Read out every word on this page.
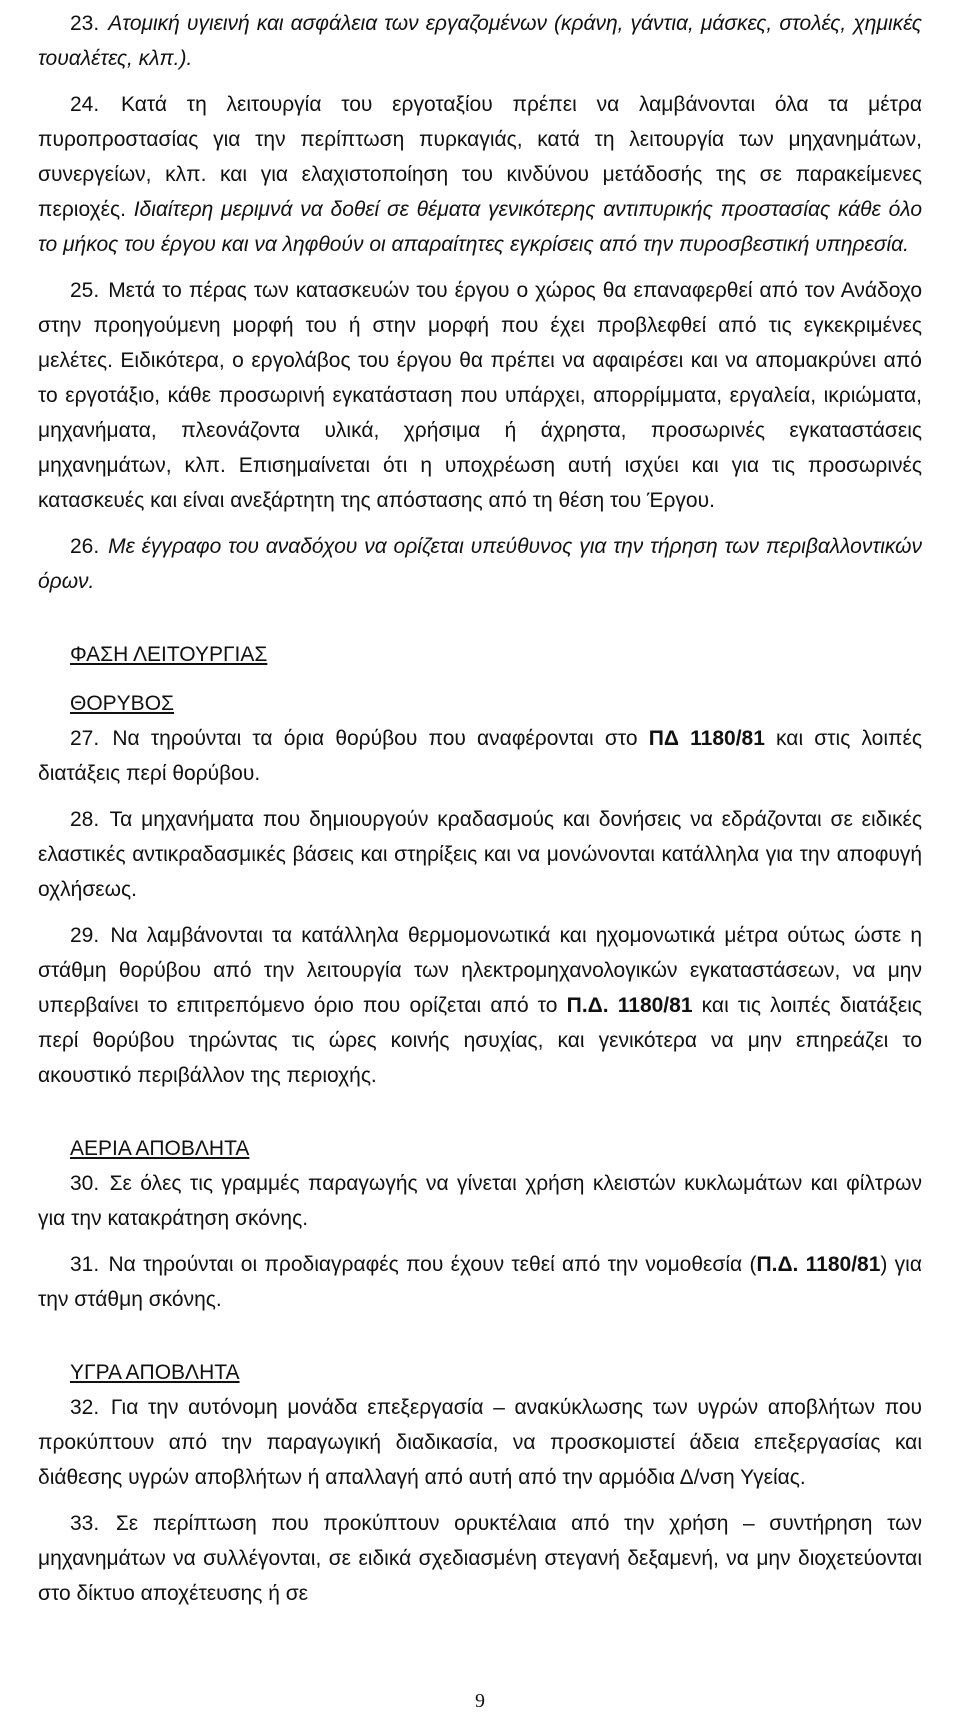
23. Ατομική υγιεινή και ασφάλεια των εργαζομένων (κράνη, γάντια, μάσκες, στολές, χημικές τουαλέτες, κλπ.).

24. Κατά τη λειτουργία του εργοταξίου πρέπει να λαμβάνονται όλα τα μέτρα πυροπροστασίας για την περίπτωση πυρκαγιάς, κατά τη λειτουργία των μηχανημάτων, συνεργείων, κλπ. και για ελαχιστοποίηση του κινδύνου μετάδοσής της σε παρακείμενες περιοχές. Ιδιαίτερη μεριμνά να δοθεί σε θέματα γενικότερης αντιπυρικής προστασίας κάθε όλο το μήκος του έργου και να ληφθούν οι απαραίτητες εγκρίσεις από την πυροσβεστική υπηρεσία.

25. Μετά το πέρας των κατασκευών του έργου ο χώρος θα επαναφερθεί από τον Ανάδοχο στην προηγούμενη μορφή του ή στην μορφή που έχει προβλεφθεί από τις εγκεκριμένες μελέτες. Ειδικότερα, ο εργολάβος του έργου θα πρέπει να αφαιρέσει και να απομακρύνει από το εργοτάξιο, κάθε προσωρινή εγκατάσταση που υπάρχει, απορρίμματα, εργαλεία, ικριώματα, μηχανήματα, πλεονάζοντα υλικά, χρήσιμα ή άχρηστα, προσωρινές εγκαταστάσεις μηχανημάτων, κλπ. Επισημαίνεται ότι η υποχρέωση αυτή ισχύει και για τις προσωρινές κατασκευές και είναι ανεξάρτητη της απόστασης από τη θέση του Έργου.

26. Με έγγραφο του αναδόχου να ορίζεται υπεύθυνος για την τήρηση των περιβαλλοντικών όρων.

ΦΑΣΗ ΛΕΙΤΟΥΡΓΙΑΣ
ΘΟΡΥΒΟΣ

27. Να τηρούνται τα όρια θορύβου που αναφέρονται στο ΠΔ 1180/81 και στις λοιπές διατάξεις περί θορύβου.

28. Τα μηχανήματα που δημιουργούν κραδασμούς και δονήσεις να εδράζονται σε ειδικές ελαστικές αντικραδασμικές βάσεις και στηρίξεις και να μονώνονται κατάλληλα για την αποφυγή οχλήσεως.

29. Να λαμβάνονται τα κατάλληλα θερμομονωτικά και ηχομονωτικά μέτρα ούτως ώστε η στάθμη θορύβου από την λειτουργία των ηλεκτρομηχανολογικών εγκαταστάσεων, να μην υπερβαίνει το επιτρεπόμενο όριο που ορίζεται από το Π.Δ. 1180/81 και τις λοιπές διατάξεις περί θορύβου τηρώντας τις ώρες κοινής ησυχίας, και γενικότερα να μην επηρεάζει το ακουστικό περιβάλλον της περιοχής.

ΑΕΡΙΑ ΑΠΟΒΛΗΤΑ

30. Σε όλες τις γραμμές παραγωγής να γίνεται χρήση κλειστών κυκλωμάτων και φίλτρων για την κατακράτηση σκόνης.

31. Να τηρούνται οι προδιαγραφές που έχουν τεθεί από την νομοθεσία (Π.Δ. 1180/81) για την στάθμη σκόνης.

ΥΓΡΑ ΑΠΟΒΛΗΤΑ

32. Για την αυτόνομη μονάδα επεξεργασία – ανακύκλωσης των υγρών αποβλήτων που προκύπτουν από την παραγωγική διαδικασία, να προσκομιστεί άδεια επεξεργασίας και διάθεσης υγρών αποβλήτων ή απαλλαγή από αυτή από την αρμόδια Δ/νση Υγείας.

33. Σε περίπτωση που προκύπτουν ορυκτέλαια από την χρήση – συντήρηση των μηχανημάτων να συλλέγονται, σε ειδικά σχεδιασμένη στεγανή δεξαμενή, να μην διοχετεύονται στο δίκτυο αποχέτευσης ή σε

9
